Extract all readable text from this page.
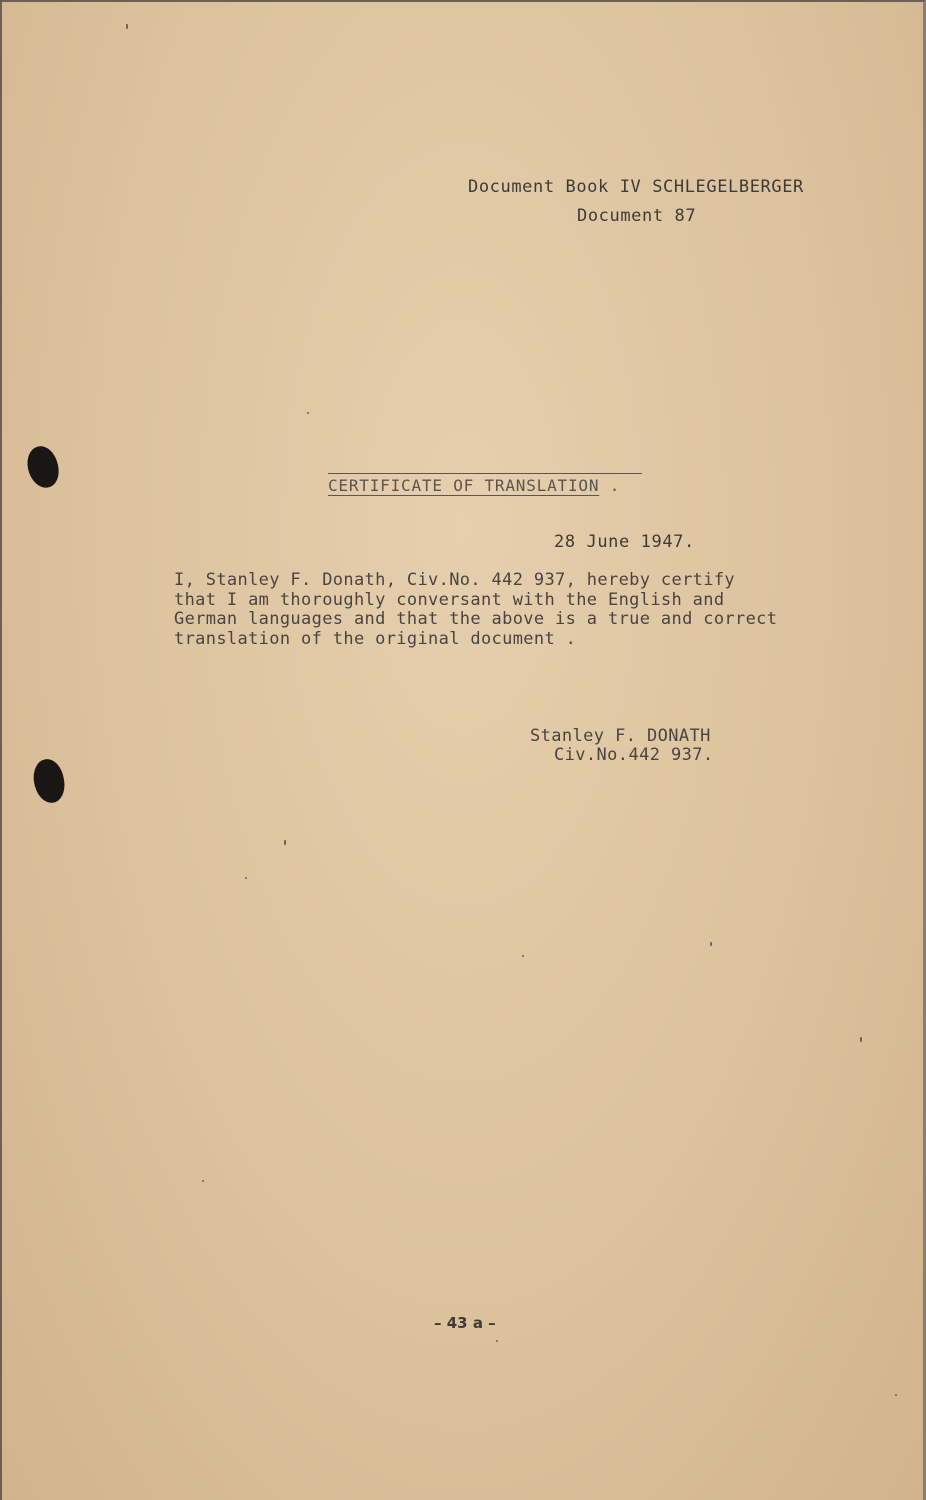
Document Book IV SCHLEGELBERGER
Document 87
CERTIFICATE OF TRANSLATION .
28 June 1947.
I, Stanley F. Donath, Civ.No. 442 937, hereby certify
that I am thoroughly conversant with the English and
German languages and that the above is a true and correct
translation of the original document .
Stanley F. DONATH
Civ.No.442 937.
– 43 a –
